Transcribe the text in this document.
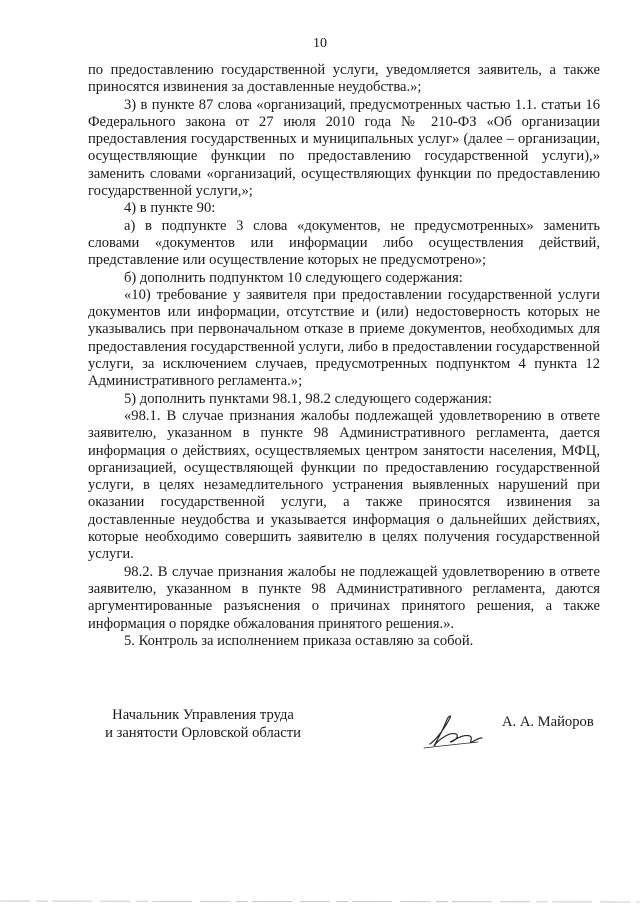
10

по предоставлению государственной услуги, уведомляется заявитель, а также приносятся извинения за доставленные неудобства.»;

3) в пункте 87 слова «организаций, предусмотренных частью 1.1. статьи 16 Федерального закона от 27 июля 2010 года № 210-ФЗ «Об организации предоставления государственных и муниципальных услуг» (далее – организации, осуществляющие функции по предоставлению государственной услуги),» заменить словами «организаций, осуществляющих функции по предоставлению государственной услуги,»;

4) в пункте 90:

а) в подпункте 3 слова «документов, не предусмотренных» заменить словами «документов или информации либо осуществления действий, представление или осуществление которых не предусмотрено»;

б) дополнить подпунктом 10 следующего содержания:

«10) требование у заявителя при предоставлении государственной услуги документов или информации, отсутствие и (или) недостоверность которых не указывались при первоначальном отказе в приеме документов, необходимых для предоставления государственной услуги, либо в предоставлении государственной услуги, за исключением случаев, предусмотренных подпунктом 4 пункта 12 Административного регламента.»;

5) дополнить пунктами 98.1, 98.2 следующего содержания:

«98.1. В случае признания жалобы подлежащей удовлетворению в ответе заявителю, указанном в пункте 98 Административного регламента, дается информация о действиях, осуществляемых центром занятости населения, МФЦ, организацией, осуществляющей функции по предоставлению государственной услуги, в целях незамедлительного устранения выявленных нарушений при оказании государственной услуги, а также приносятся извинения за доставленные неудобства и указывается информация о дальнейших действиях, которые необходимо совершить заявителю в целях получения государственной услуги.

98.2. В случае признания жалобы не подлежащей удовлетворению в ответе заявителю, указанном в пункте 98 Административного регламента, даются аргументированные разъяснения о причинах принятого решения, а также информация о порядке обжалования принятого решения.».

5. Контроль за исполнением приказа оставляю за собой.

Начальник Управления труда
и занятости Орловской области
А. А. Майоров
